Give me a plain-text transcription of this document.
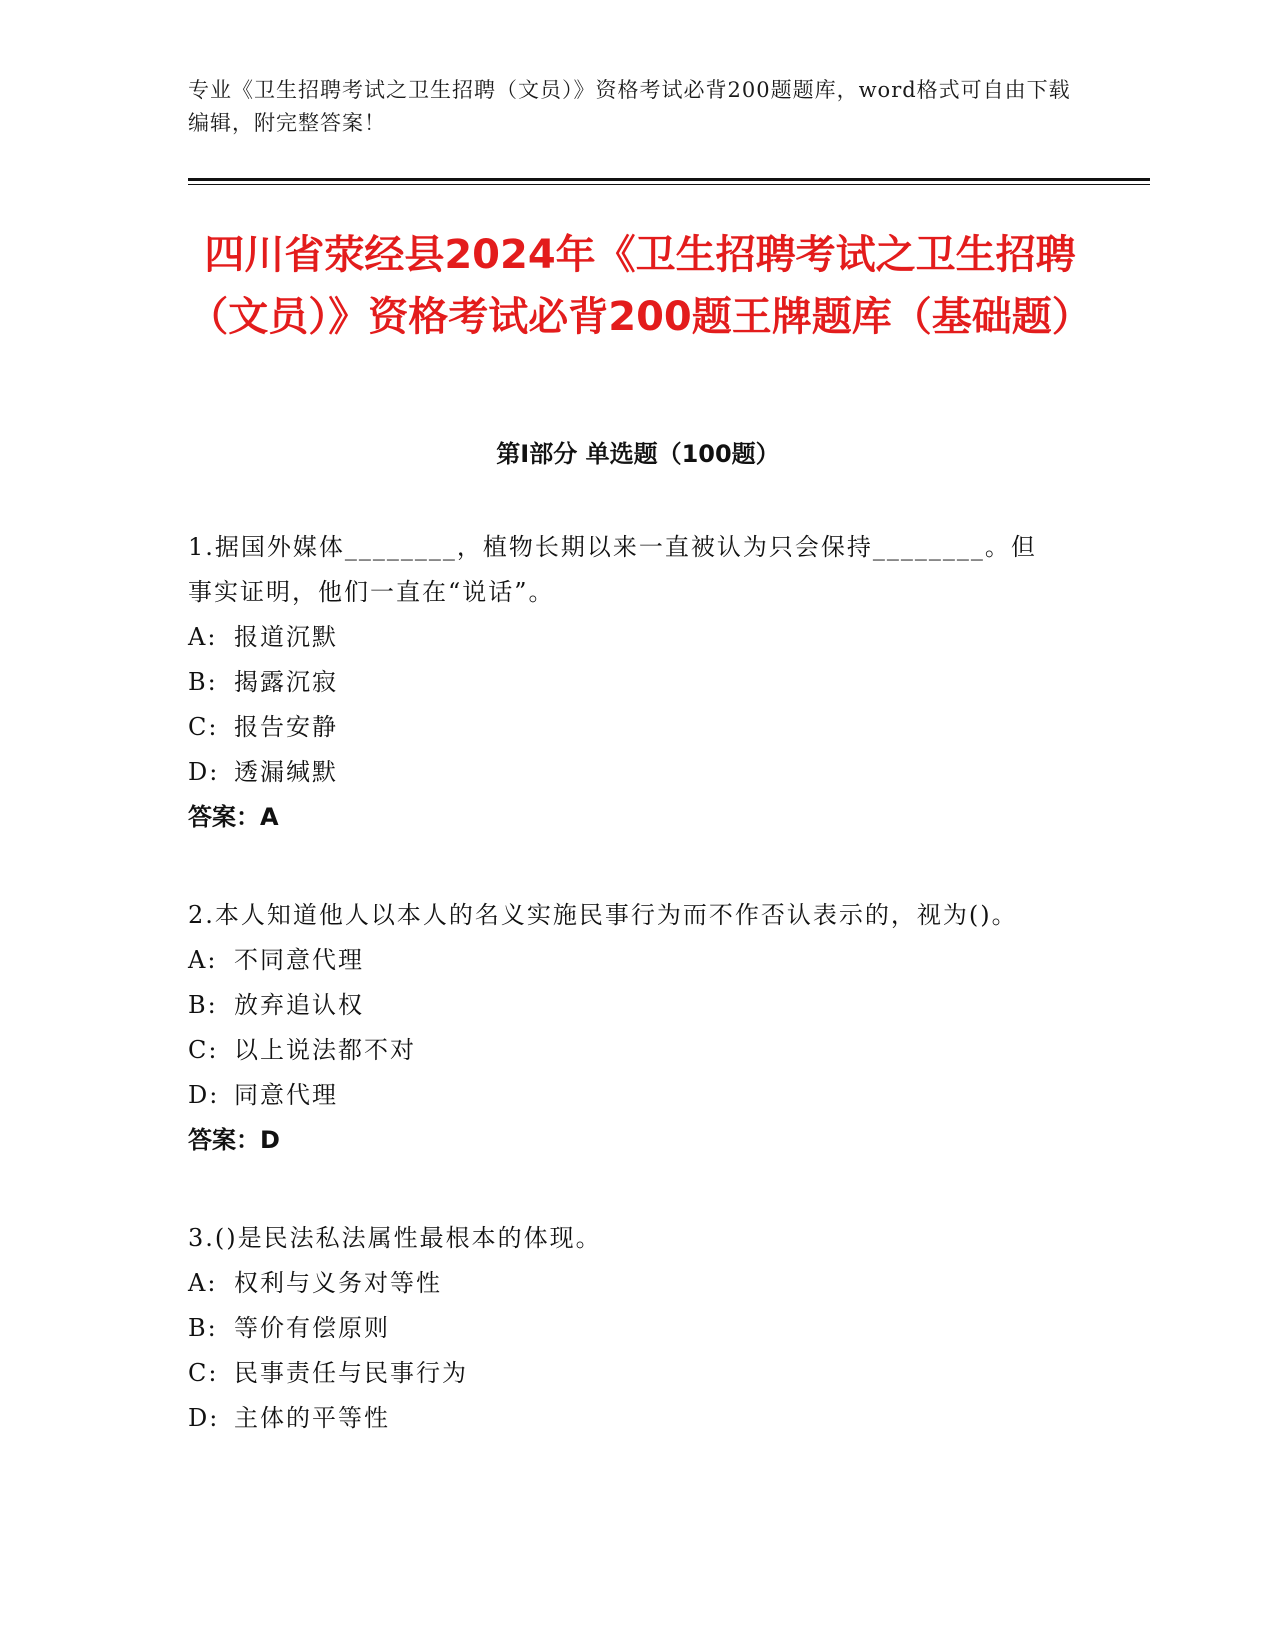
专业《卫生招聘考试之卫生招聘（文员）》资格考试必背200题题库，word格式可自由下载编辑，附完整答案！
四川省荥经县2024年《卫生招聘考试之卫生招聘（文员）》资格考试必背200题王牌题库（基础题）
第I部分 单选题（100题）

1.据国外媒体________，植物长期以来一直被认为只会保持________。但事实证明，他们一直在“说话”。

A: 报道沉默

B: 揭露沉寂

C: 报告安静

D: 透漏缄默

答案：A

2.本人知道他人以本人的名义实施民事行为而不作否认表示的，视为()。

A: 不同意代理

B: 放弃追认权

C: 以上说法都不对

D: 同意代理

答案：D

3.()是民法私法属性最根本的体现。

A: 权利与义务对等性

B: 等价有偿原则

C: 民事责任与民事行为

D: 主体的平等性
